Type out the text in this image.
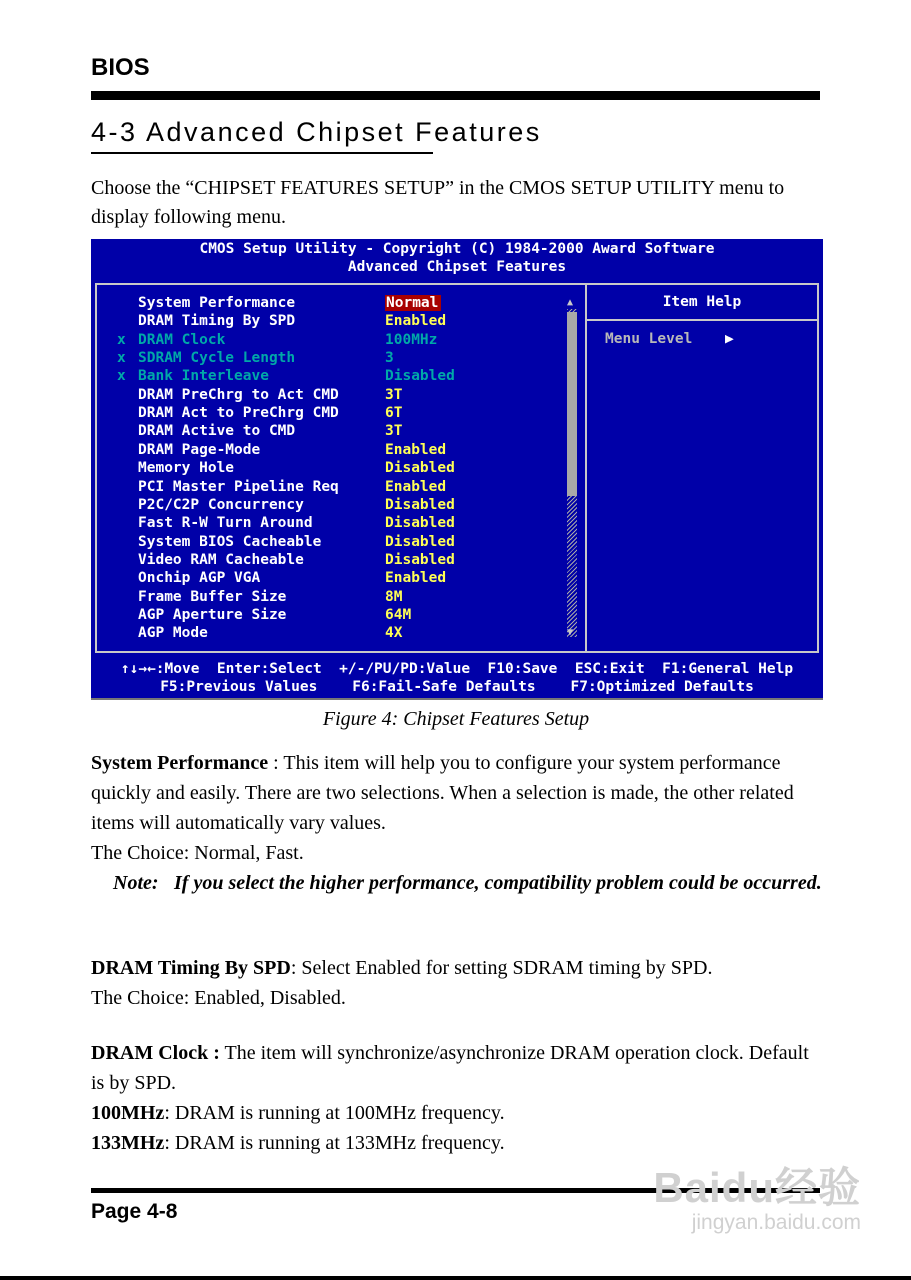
BIOS
4-3 Advanced Chipset Features
Choose the “CHIPSET FEATURES SETUP” in the CMOS SETUP UTILITY menu to display following menu.
CMOS Setup Utility - Copyright (C) 1984-2000 Award Software
Advanced Chipset Features
Item Help
Menu Level ▶
System Performance	Normal
DRAM Timing By SPD	Enabled
x DRAM Clock	100MHz
x SDRAM Cycle Length	3
x Bank Interleave	Disabled
DRAM PreChrg to Act CMD	3T
DRAM Act to PreChrg CMD	6T
DRAM Active to CMD	3T
DRAM Page-Mode	Enabled
Memory Hole	Disabled
PCI Master Pipeline Req	Enabled
P2C/C2P Concurrency	Disabled
Fast R-W Turn Around	Disabled
System BIOS Cacheable	Disabled
Video RAM Cacheable	Disabled
Onchip AGP VGA	Enabled
Frame Buffer Size	8M
AGP Aperture Size	64M
AGP Mode	4X
▲
▼
↑↓→←:Move  Enter:Select  +/-/PU/PD:Value  F10:Save  ESC:Exit  F1:General Help
F5:Previous Values    F6:Fail-Safe Defaults    F7:Optimized Defaults
Figure 4: Chipset Features Setup
System Performance : This item will help you to configure your system performance quickly and easily. There are two selections. When a selection is made, the other related items will automatically vary values.
The Choice: Normal, Fast.
Note: If you select the higher performance, compatibility problem could be occurred.
DRAM Timing By SPD: Select Enabled for setting SDRAM timing by SPD.
The Choice: Enabled, Disabled.
DRAM Clock : The item will synchronize/asynchronize DRAM operation clock. Default is by SPD.
100MHz: DRAM is running at 100MHz frequency.
133MHz: DRAM is running at 133MHz frequency.
Page 4-8
Baidu经验
jingyan.baidu.com
